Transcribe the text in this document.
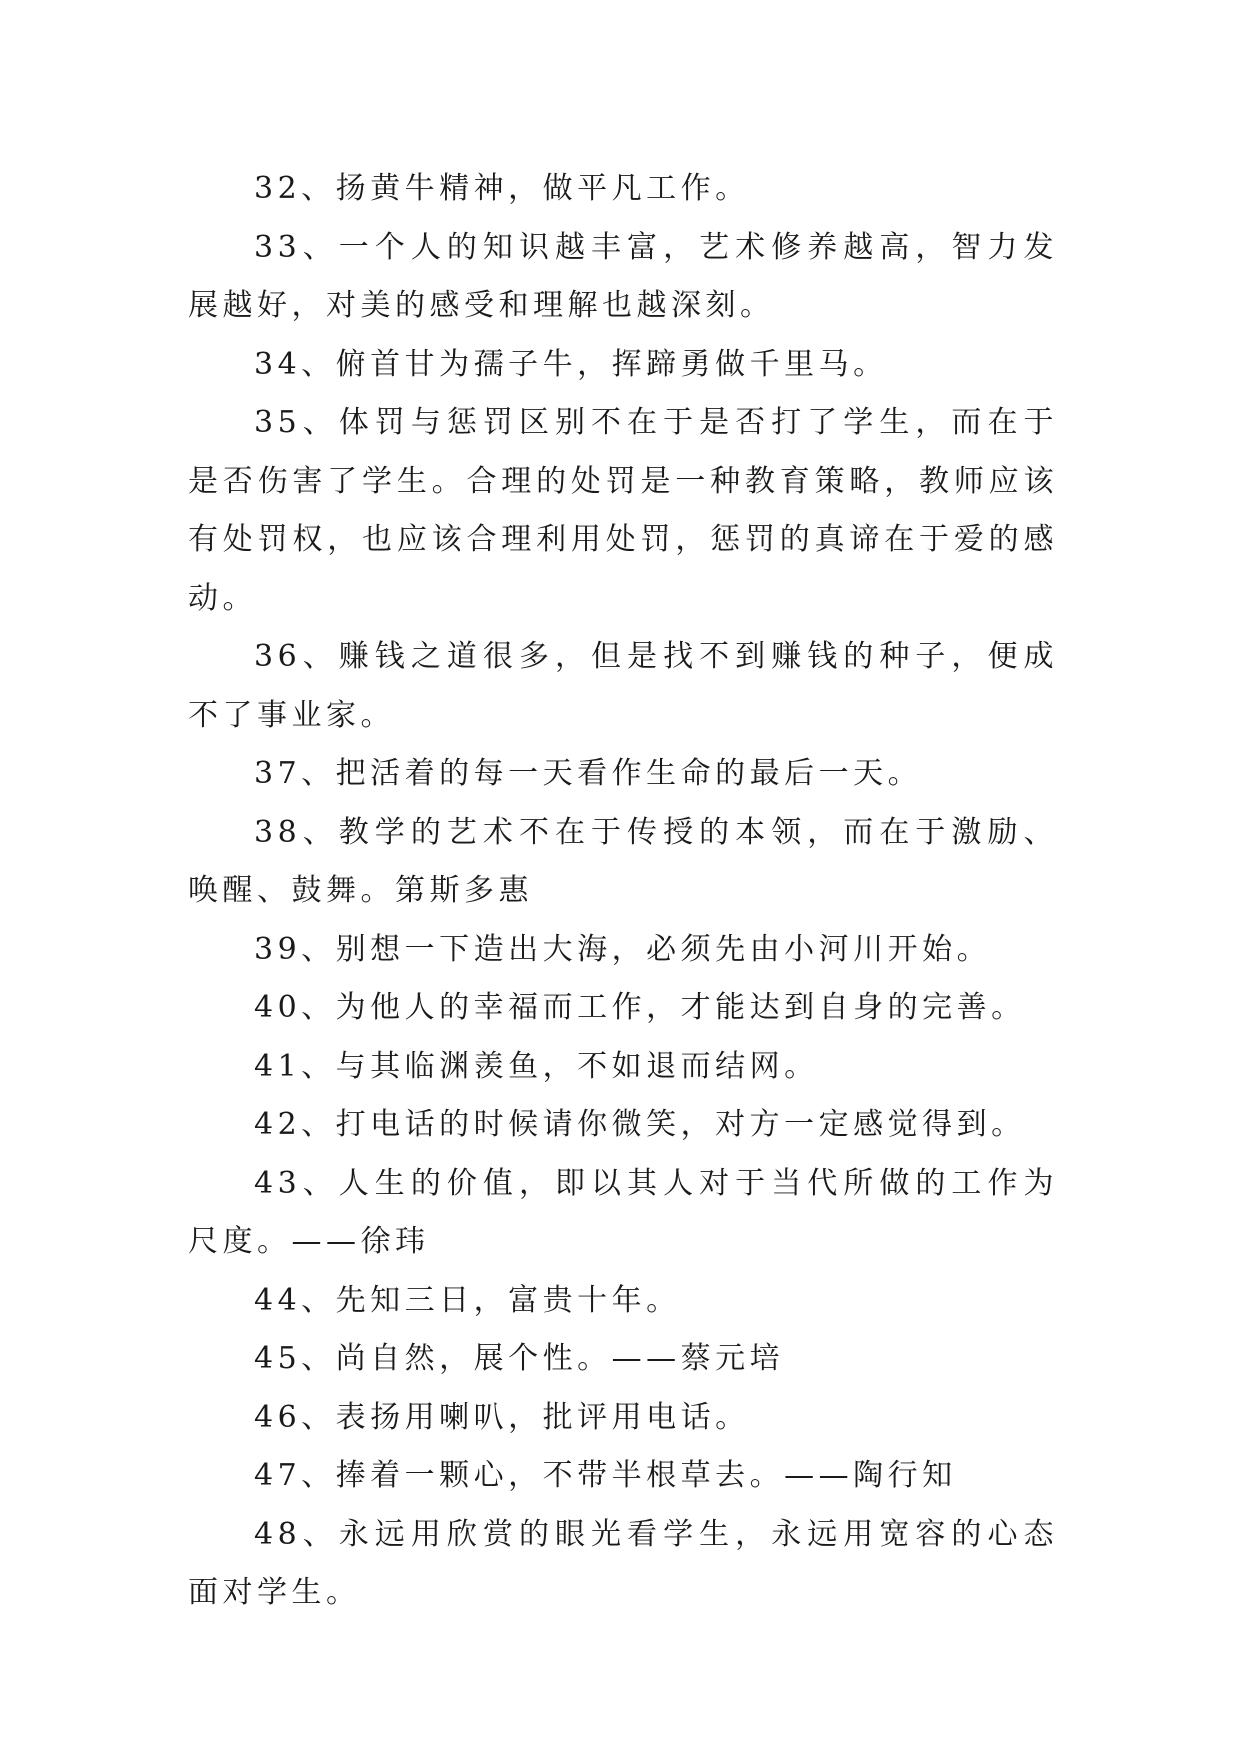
32、扬黄牛精神，做平凡工作。

33、一个人的知识越丰富，艺术修养越高，智力发展越好，对美的感受和理解也越深刻。

34、俯首甘为孺子牛，挥蹄勇做千里马。

35、体罚与惩罚区别不在于是否打了学生，而在于是否伤害了学生。合理的处罚是一种教育策略，教师应该有处罚权，也应该合理利用处罚，惩罚的真谛在于爱的感动。

36、赚钱之道很多，但是找不到赚钱的种子，便成不了事业家。

37、把活着的每一天看作生命的最后一天。

38、教学的艺术不在于传授的本领，而在于激励、唤醒、鼓舞。第斯多惠

39、别想一下造出大海，必须先由小河川开始。

40、为他人的幸福而工作，才能达到自身的完善。

41、与其临渊羡鱼，不如退而结网。

42、打电话的时候请你微笑，对方一定感觉得到。

43、人生的价值，即以其人对于当代所做的工作为尺度。——徐玮

44、先知三日，富贵十年。

45、尚自然，展个性。——蔡元培

46、表扬用喇叭，批评用电话。

47、捧着一颗心，不带半根草去。——陶行知

48、永远用欣赏的眼光看学生，永远用宽容的心态面对学生。
